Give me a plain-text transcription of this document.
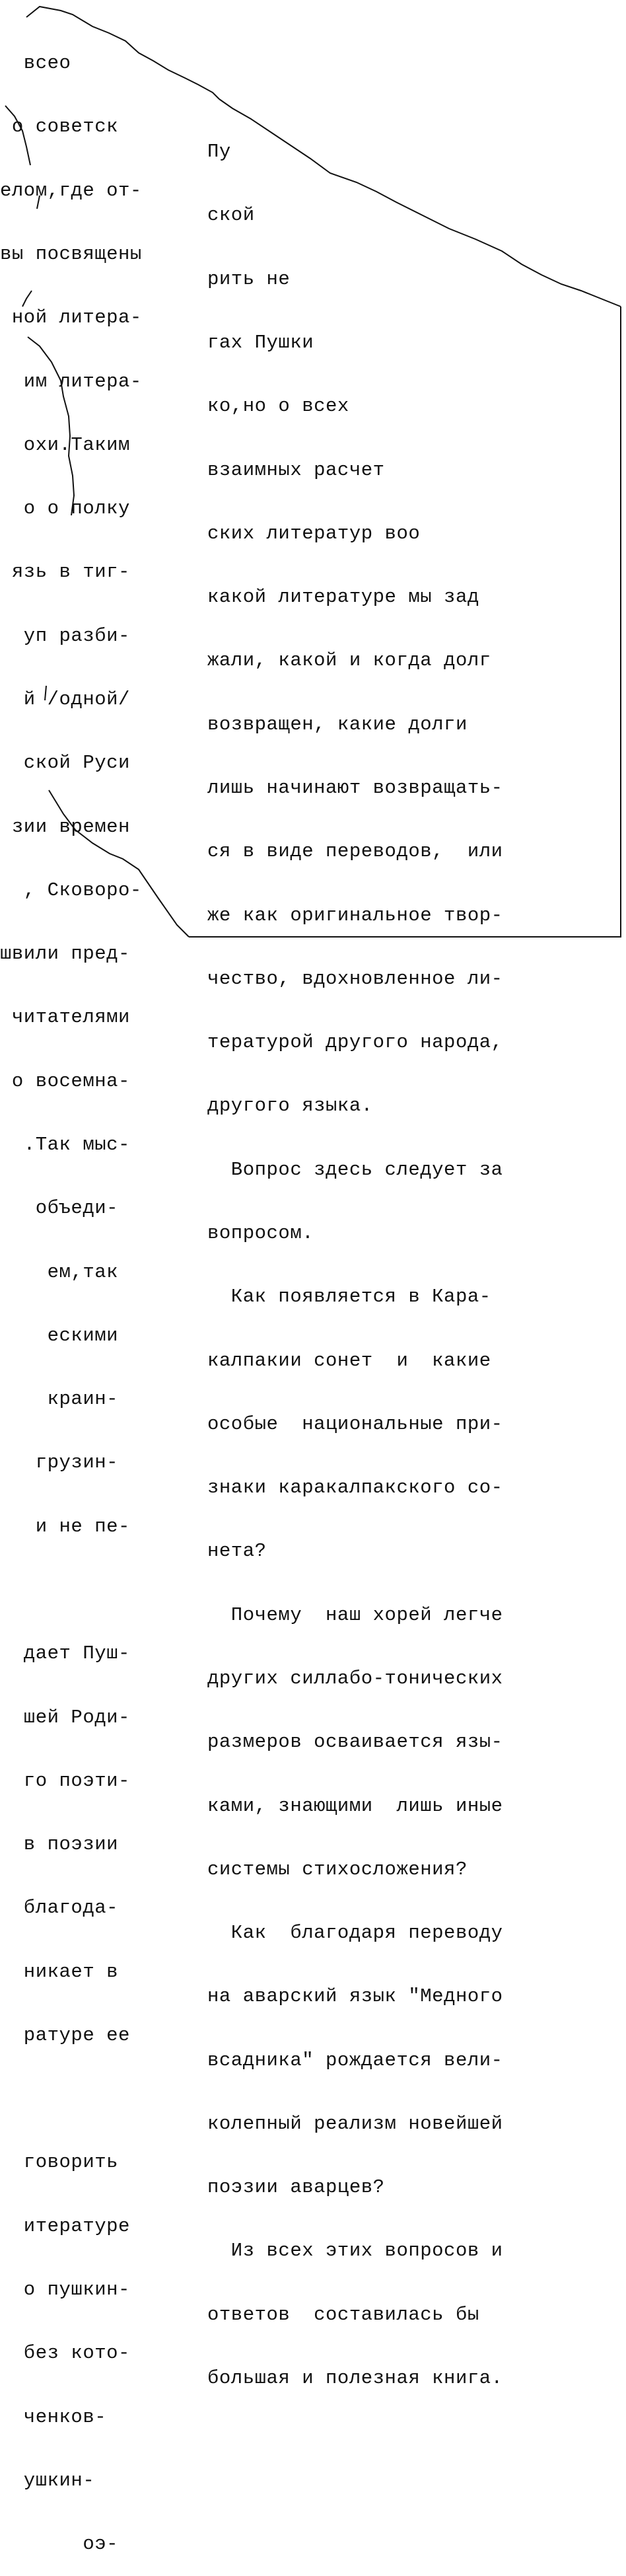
всео

о советск

елом,где от-

вы посвящены

ной литера-

им литера-

охи.Таким

о о полку

язь в тиг-

уп разби-

й /одной/

ской Руси

зии времен

, Сковоро-

швили пред-

читателями

о восемна-

.Так мыс-

объеди-

ем,так

ескими

краин-

грузин-

и не пе-

дает Пуш-

шей Роди-

го поэти-

в поэзии

благода-

никает в

ратуре ее

говорить

итературе

о пушкин-

без кото-

ченков-

ушкин-

оэ-

Пу

ской

рить не

гах Пушки

ко,но о всех

взаимных расчет

ских литератур воо

какой литературе мы зад

жали, какой и когда долг

возвращен, какие долги

лишь начинают возвращать-

ся в виде переводов,  или

же как оригинальное твор-

чество, вдохновленное ли-

тературой другого народа,

другого языка.

Вопрос здесь следует за

вопросом.

Как появляется в Кара-

калпакии сонет  и  какие

особые  национальные при-

знаки каракалпакского со-

нета?

Почему  наш хорей легче

других силлабо-тонических

размеров осваивается язы-

ками, знающими  лишь иные

системы стихосложения?

Как  благодаря переводу

на аварский язык "Медного

всадника" рождается вели-

колепный реализм новейшей

поэзии аварцев?

Из всех этих вопросов и

ответов  составилась бы

большая и полезная книга.
